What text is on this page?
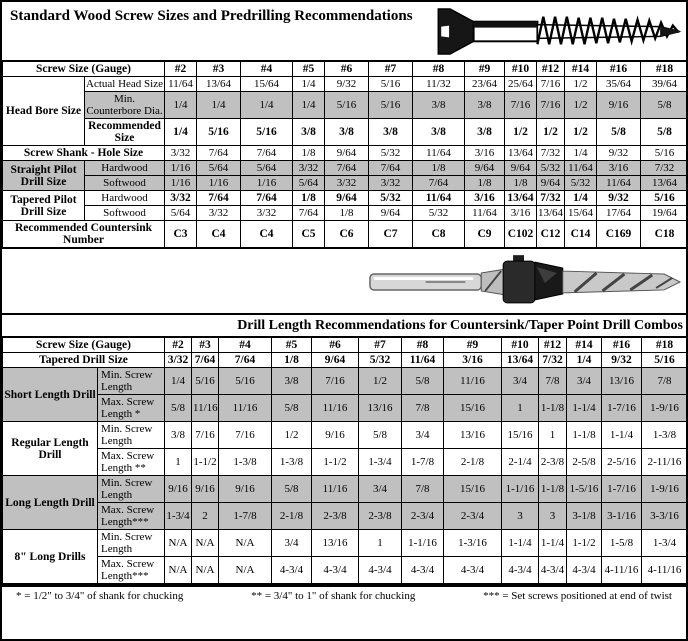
Standard Wood Screw Sizes and Predrilling Recommendations
Screw Size (Gauge)		#2	#3	#4	#5	#6	#7	#8	#9	#10	#12	#14	#16	#18
Head Bore Size	Actual Head Size	11/64	13/64	15/64	1/4	9/32	5/16	11/32	23/64	25/64	7/16	1/2	35/64	39/64
	Min. Counterbore Dia.	1/4	1/4	1/4	1/4	5/16	5/16	3/8	3/8	7/16	7/16	1/2	9/16	5/8
	Recommended Size	1/4	5/16	5/16	3/8	3/8	3/8	3/8	3/8	1/2	1/2	1/2	5/8	5/8
Screw Shank - Hole Size		3/32	7/64	7/64	1/8	9/64	5/32	11/64	3/16	13/64	7/32	1/4	9/32	5/16
Straight Pilot Drill Size	Hardwood	1/16	5/64	5/64	3/32	7/64	7/64	1/8	9/64	9/64	5/32	11/64	3/16	7/32
	Softwood	1/16	1/16	1/16	5/64	3/32	3/32	7/64	1/8	1/8	9/64	5/32	11/64	13/64
Tapered Pilot Drill Size	Hardwood	3/32	7/64	7/64	1/8	9/64	5/32	11/64	3/16	13/64	7/32	1/4	9/32	5/16
	Softwood	5/64	3/32	3/32	7/64	1/8	9/64	5/32	11/64	3/16	13/64	15/64	17/64	19/64
Recommended Countersink Number		C3	C4	C4	C5	C6	C7	C8	C9	C102	C12	C14	C169	C18
Drill Length Recommendations for Countersink/Taper Point Drill Combos
Screw Size (Gauge)		#2	#3	#4	#5	#6	#7	#8	#9	#10	#12	#14	#16	#18
Tapered Drill Size		3/32	7/64	7/64	1/8	9/64	5/32	11/64	3/16	13/64	7/32	1/4	9/32	5/16
Short Length Drill	Min. Screw Length	1/4	5/16	5/16	3/8	7/16	1/2	5/8	11/16	3/4	7/8	3/4	13/16	7/8
	Max. Screw Length *	5/8	11/16	11/16	5/8	11/16	13/16	7/8	15/16	1	1-1/8	1-1/4	1-7/16	1-9/16
Regular Length Drill	Min. Screw Length	3/8	7/16	7/16	1/2	9/16	5/8	3/4	13/16	15/16	1	1-1/8	1-1/4	1-3/8
	Max. Screw Length **	1	1-1/2	1-3/8	1-3/8	1-1/2	1-3/4	1-7/8	2-1/8	2-1/4	2-3/8	2-5/8	2-5/16	2-11/16
Long Length Drill	Min. Screw Length	9/16	9/16	9/16	5/8	11/16	3/4	7/8	15/16	1-1/16	1-1/8	1-5/16	1-7/16	1-9/16
	Max. Screw Length***	1-3/4	2	1-7/8	2-1/8	2-3/8	2-3/8	2-3/4	2-3/4	3	3	3-1/8	3-1/16	3-3/16
8" Long Drills	Min. Screw Length	N/A	N/A	N/A	3/4	13/16	1	1-1/16	1-3/16	1-1/4	1-1/4	1-1/2	1-5/8	1-3/4
	Max. Screw Length***	N/A	N/A	N/A	4-3/4	4-3/4	4-3/4	4-3/4	4-3/4	4-3/4	4-3/4	4-3/4	4-11/16	4-11/16
* = 1/2" to 3/4" of shank for chucking	** = 3/4" to 1" of shank for chucking	*** = Set screws positioned at end of twist
